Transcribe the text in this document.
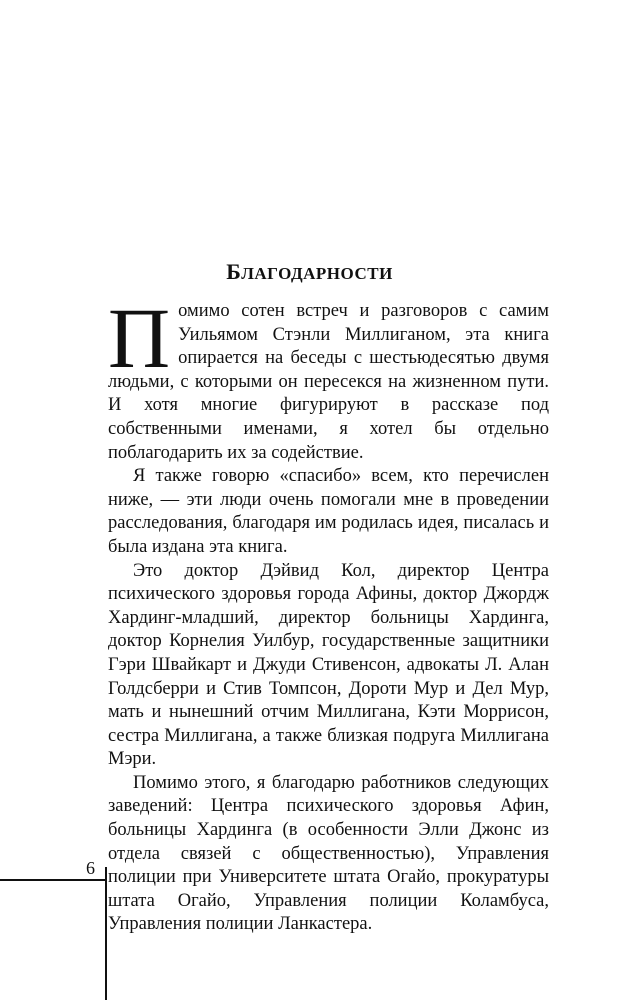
БЛАГОДАРНОСТИ

Помимо сотен встреч и разговоров с самим Уильямом Стэнли Миллиганом, эта книга опирается на беседы с шестьюдесятью двумя людьми, с которыми он пересекся на жизненном пути. И хотя многие фигурируют в рассказе под собственными именами, я хотел бы отдельно поблагодарить их за содействие.

Я также говорю «спасибо» всем, кто перечислен ниже, — эти люди очень помогали мне в проведении расследования, благодаря им родилась идея, писалась и была издана эта книга.

Это доктор Дэйвид Кол, директор Центра психического здоровья города Афины, доктор Джордж Хардинг-младший, директор больницы Хардинга, доктор Корнелия Уилбур, государственные защитники Гэри Швайкарт и Джуди Стивенсон, адвокаты Л. Алан Голдсберри и Стив Томпсон, Дороти Мур и Дел Мур, мать и нынешний отчим Миллигана, Кэти Моррисон, сестра Миллигана, а также близкая подруга Миллигана Мэри.

Помимо этого, я благодарю работников следующих заведений: Центра психического здоровья Афин, больницы Хардинга (в особенности Элли Джонс из отдела связей с общественностью), Управления полиции при Университете штата Огайо, прокуратуры штата Огайо, Управления полиции Коламбуса, Управления полиции Ланкастера.

6
